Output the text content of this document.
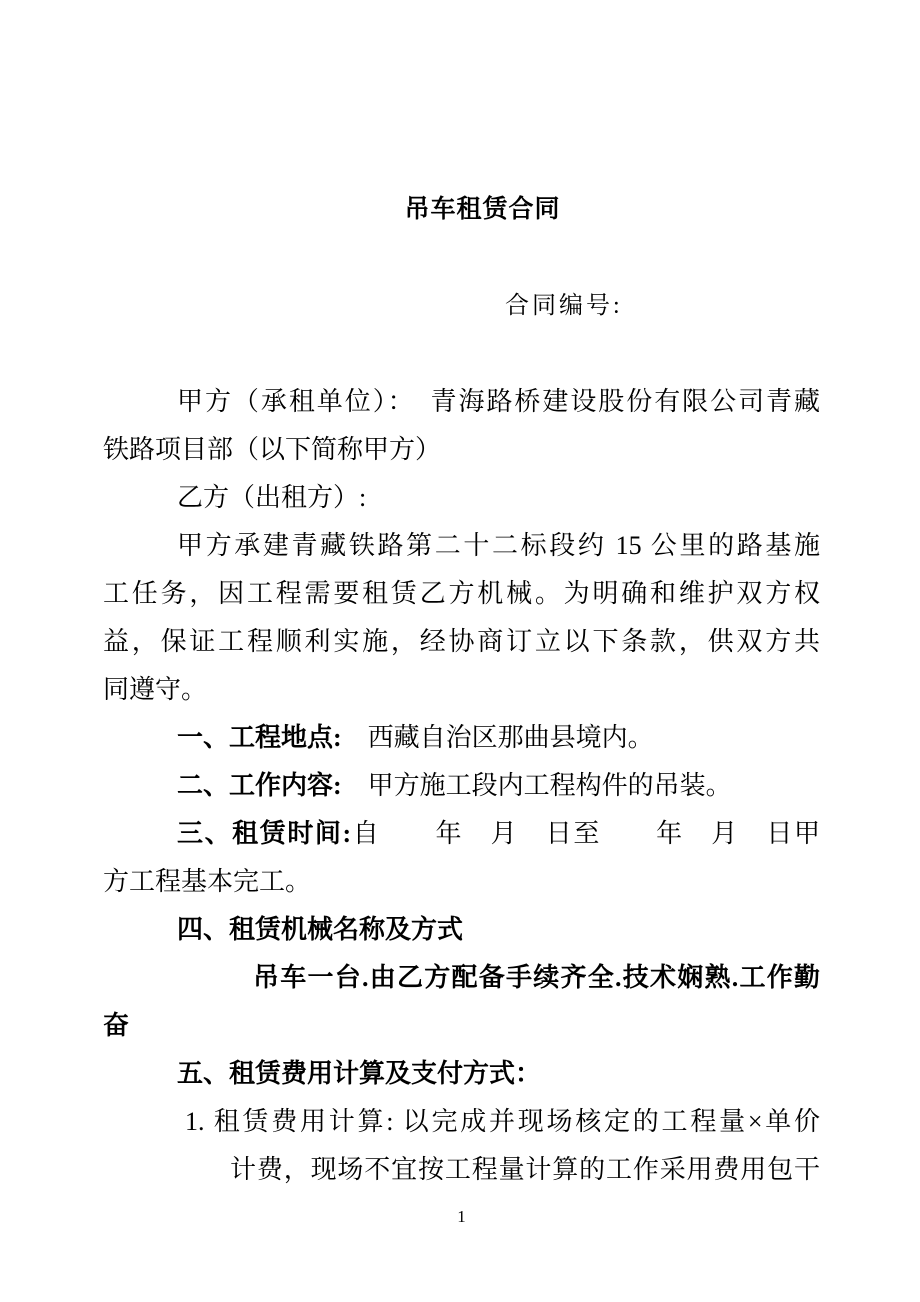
吊车租赁合同
合同编号:
甲方（承租单位）：　青海路桥建设股份有限公司青藏
铁路项目部（以下简称甲方）
乙方（出租方）:
甲方承建青藏铁路第二十二标段约 15 公里的路基施
工任务，因工程需要租赁乙方机械。为明确和维护双方权
益，保证工程顺利实施，经协商订立以下条款，供双方共
同遵守。
一、工程地点:　西藏自治区那曲县境内。
二、工作内容:　甲方施工段内工程构件的吊装。
三、租赁时间:自　　年　月　日至　　年　月　日甲
方工程基本完工。
四、租赁机械名称及方式
吊车一台.由乙方配备手续齐全.技术娴熟.工作勤
奋
五、租赁费用计算及支付方式：
1. 租赁费用计算: 以完成并现场核定的工程量×单价
计费，现场不宜按工程量计算的工作采用费用包干
1
